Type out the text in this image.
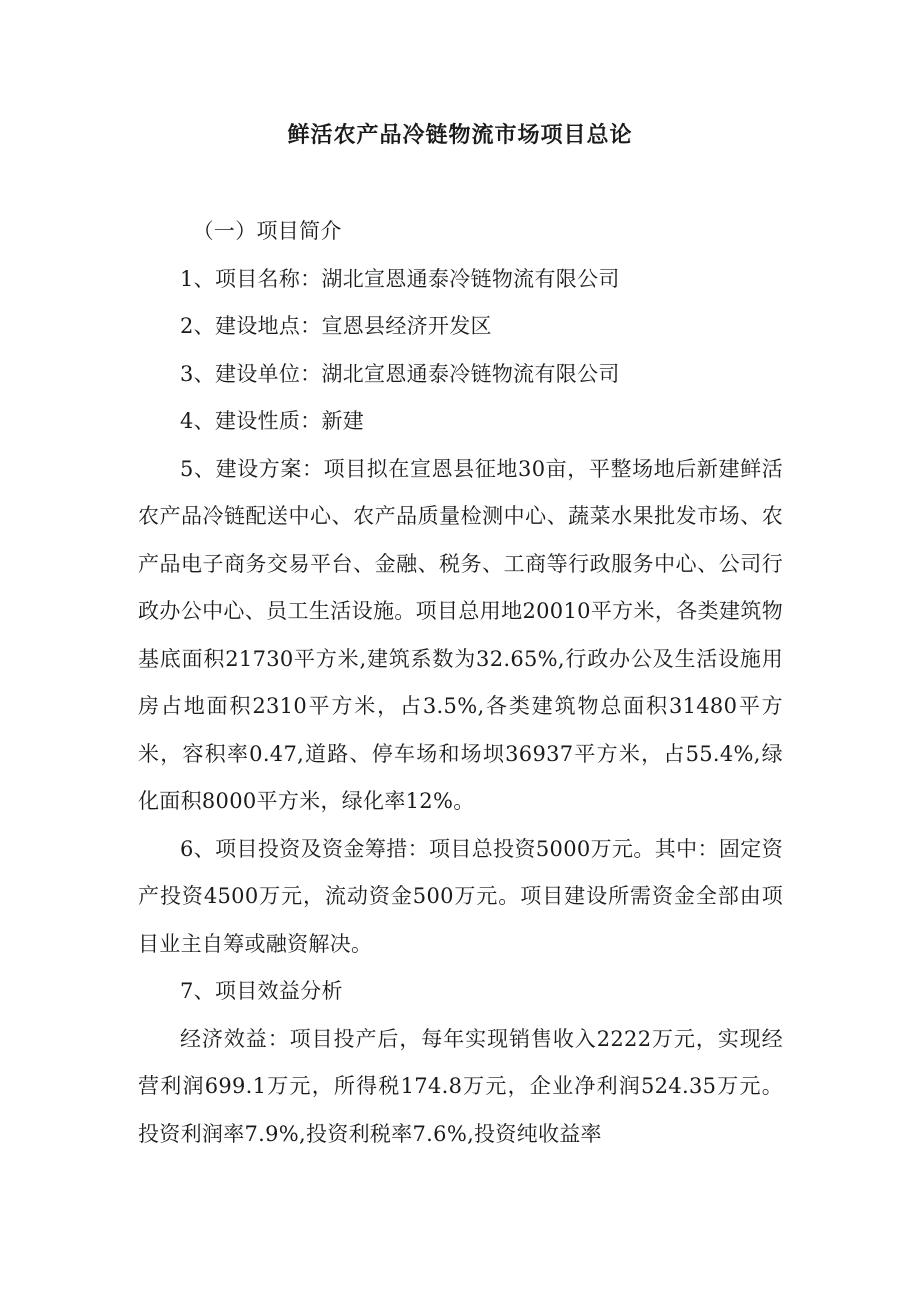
鲜活农产品冷链物流市场项目总论

（一）项目简介

1、项目名称：湖北宣恩通泰冷链物流有限公司

2、建设地点：宣恩县经济开发区

3、建设单位：湖北宣恩通泰冷链物流有限公司

4、建设性质：新建

5、建设方案：项目拟在宣恩县征地30亩，平整场地后新建鲜活农产品冷链配送中心、农产品质量检测中心、蔬菜水果批发市场、农产品电子商务交易平台、金融、税务、工商等行政服务中心、公司行政办公中心、员工生活设施。项目总用地20010平方米，各类建筑物基底面积21730平方米,建筑系数为32.65%,行政办公及生活设施用房占地面积2310平方米，占3.5%,各类建筑物总面积31480平方米，容积率0.47,道路、停车场和场坝36937平方米，占55.4%,绿化面积8000平方米，绿化率12%。

6、项目投资及资金筹措：项目总投资5000万元。其中：固定资产投资4500万元，流动资金500万元。项目建设所需资金全部由项目业主自筹或融资解决。

7、项目效益分析

经济效益：项目投产后，每年实现销售收入2222万元，实现经营利润699.1万元，所得税174.8万元，企业净利润524.35万元。投资利润率7.9%,投资利税率7.6%,投资纯收益率
